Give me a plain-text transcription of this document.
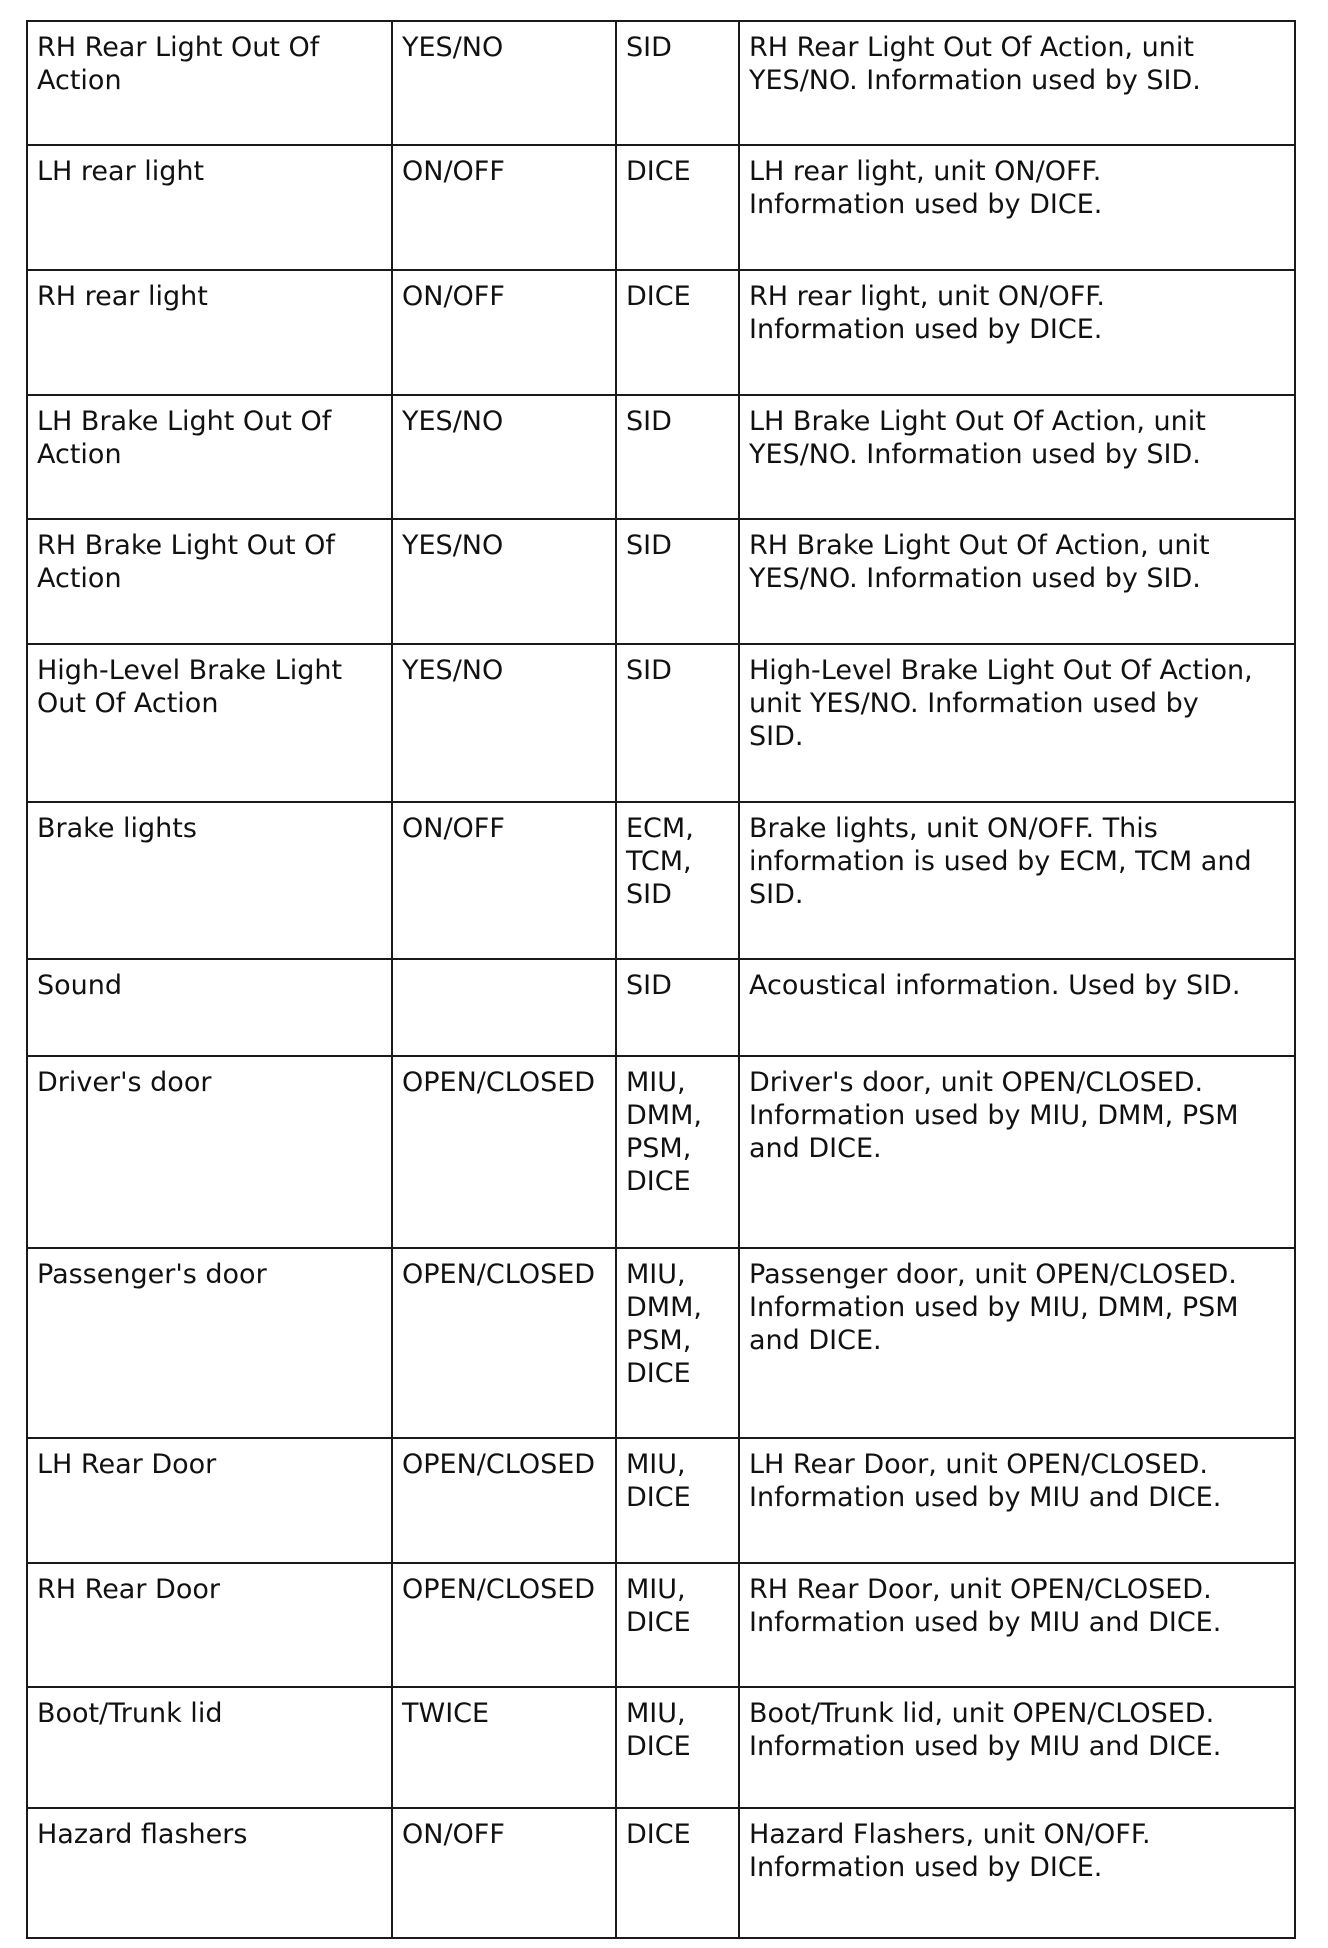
RH Rear Light Out Of
Action	YES/NO	SID	RH Rear Light Out Of Action, unit
YES/NO. Information used by SID.
LH rear light	ON/OFF	DICE	LH rear light, unit ON/OFF.
Information used by DICE.
RH rear light	ON/OFF	DICE	RH rear light, unit ON/OFF.
Information used by DICE.
LH Brake Light Out Of
Action	YES/NO	SID	LH Brake Light Out Of Action, unit
YES/NO. Information used by SID.
RH Brake Light Out Of
Action	YES/NO	SID	RH Brake Light Out Of Action, unit
YES/NO. Information used by SID.
High-Level Brake Light
Out Of Action	YES/NO	SID	High-Level Brake Light Out Of Action,
unit YES/NO. Information used by
SID.
Brake lights	ON/OFF	ECM,
TCM,
SID	Brake lights, unit ON/OFF. This
information is used by ECM, TCM and
SID.
Sound		SID	Acoustical information. Used by SID.
Driver's door	OPEN/CLOSED	MIU,
DMM,
PSM,
DICE	Driver's door, unit OPEN/CLOSED.
Information used by MIU, DMM, PSM
and DICE.
Passenger's door	OPEN/CLOSED	MIU,
DMM,
PSM,
DICE	Passenger door, unit OPEN/CLOSED.
Information used by MIU, DMM, PSM
and DICE.
LH Rear Door	OPEN/CLOSED	MIU,
DICE	LH Rear Door, unit OPEN/CLOSED.
Information used by MIU and DICE.
RH Rear Door	OPEN/CLOSED	MIU,
DICE	RH Rear Door, unit OPEN/CLOSED.
Information used by MIU and DICE.
Boot/Trunk lid	TWICE	MIU,
DICE	Boot/Trunk lid, unit OPEN/CLOSED.
Information used by MIU and DICE.
Hazard flashers	ON/OFF	DICE	Hazard Flashers, unit ON/OFF.
Information used by DICE.
